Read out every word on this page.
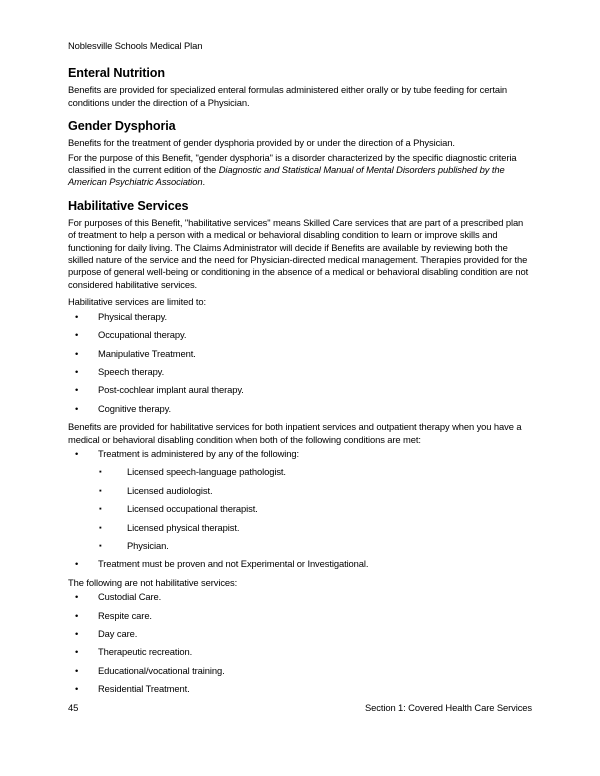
Noblesville Schools Medical Plan
Enteral Nutrition

Benefits are provided for specialized enteral formulas administered either orally or by tube feeding for certain conditions under the direction of a Physician.

Gender Dysphoria

Benefits for the treatment of gender dysphoria provided by or under the direction of a Physician.

For the purpose of this Benefit, "gender dysphoria" is a disorder characterized by the specific diagnostic criteria classified in the current edition of the Diagnostic and Statistical Manual of Mental Disorders published by the American Psychiatric Association.

Habilitative Services

For purposes of this Benefit, "habilitative services" means Skilled Care services that are part of a prescribed plan of treatment to help a person with a medical or behavioral disabling condition to learn or improve skills and functioning for daily living. The Claims Administrator will decide if Benefits are available by reviewing both the skilled nature of the service and the need for Physician-directed medical management. Therapies provided for the purpose of general well-being or conditioning in the absence of a medical or behavioral disabling condition are not considered habilitative services.

Habilitative services are limited to:

•	Physical therapy.
•	Occupational therapy.
•	Manipulative Treatment.
•	Speech therapy.
•	Post-cochlear implant aural therapy.
•	Cognitive therapy.

Benefits are provided for habilitative services for both inpatient services and outpatient therapy when you have a medical or behavioral disabling condition when both of the following conditions are met:

•	Treatment is administered by any of the following:
▪	Licensed speech-language pathologist.
▪	Licensed audiologist.
▪	Licensed occupational therapist.
▪	Licensed physical therapist.
▪	Physician.
•	Treatment must be proven and not Experimental or Investigational.

The following are not habilitative services:

•	Custodial Care.
•	Respite care.
•	Day care.
•	Therapeutic recreation.
•	Educational/vocational training.
•	Residential Treatment.
45	Section 1: Covered Health Care Services
